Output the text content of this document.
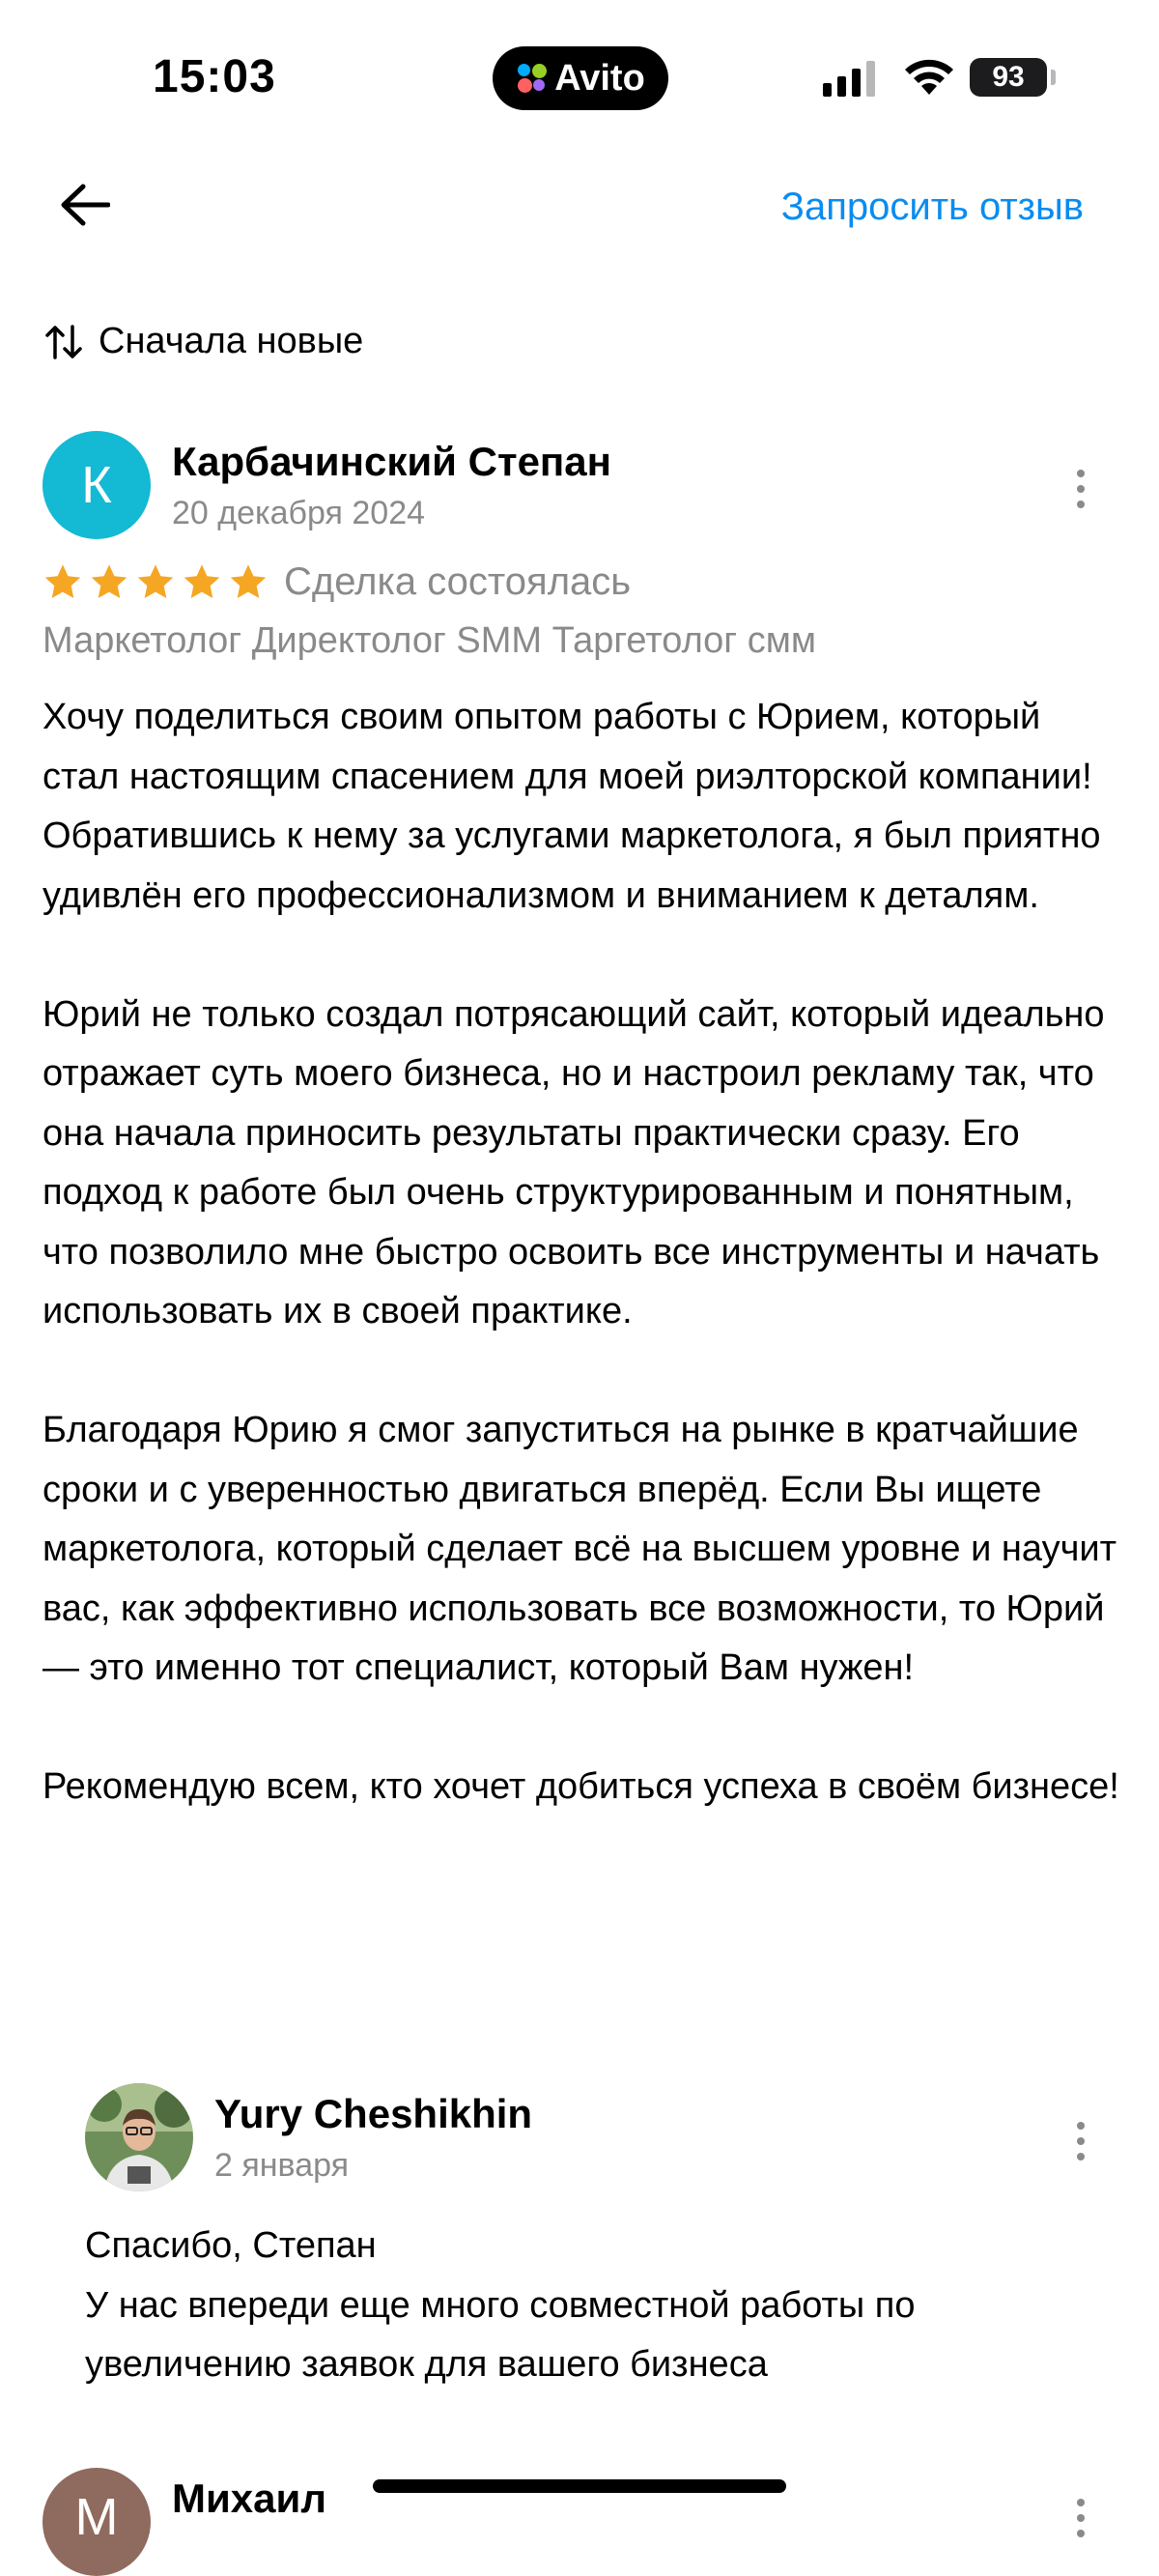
15:03	Avito	93
Запросить отзыв
Сначала новые
К	Карбачинский Степан
20 декабря 2024
Сделка состоялась
Маркетолог Директолог SMM Таргетолог смм

Хочу поделиться своим опытом работы с Юрием, который стал настоящим спасением для моей риэлторской компании! Обратившись к нему за услугами маркетолога, я был приятно удивлён его профессионализмом и вниманием к деталям.

Юрий не только создал потрясающий сайт, который идеально отражает суть моего бизнеса, но и настроил рекламу так, что она начала приносить результаты практически сразу. Его подход к работе был очень структурированным и понятным, что позволило мне быстро освоить все инструменты и начать использовать их в своей практике.

Благодаря Юрию я смог запуститься на рынке в кратчайшие сроки и с уверенностью двигаться вперёд. Если Вы ищете маркетолога, который сделает всё на высшем уровне и научит вас, как эффективно использовать все возможности, то Юрий — это именно тот специалист, который Вам нужен!

Рекомендую всем, кто хочет добиться успеха в своём бизнесе!

Yury Cheshikhin
2 января
Спасибо, Степан
У нас впереди еще много совместной работы по увеличению заявок для вашего бизнеса
М	Михаил
